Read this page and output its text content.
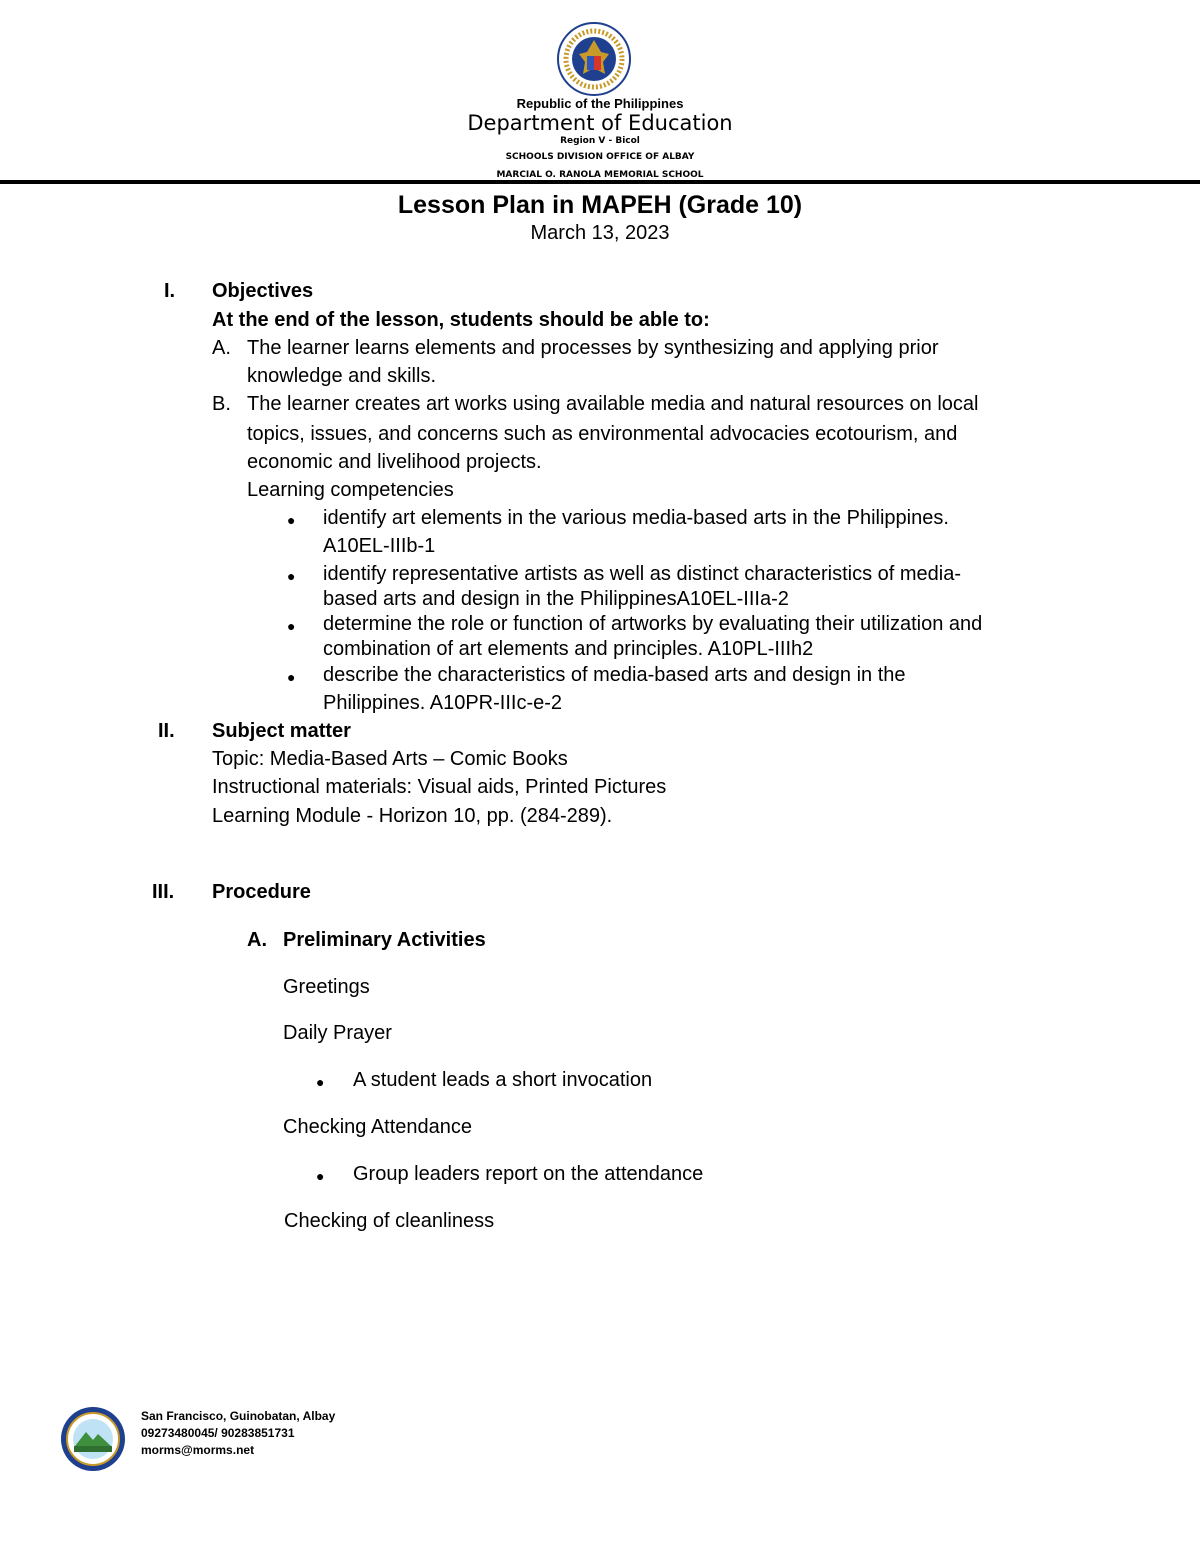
Republic of the Philippines
Department of Education
Region V - Bicol
SCHOOLS DIVISION OFFICE OF ALBAY
MARCIAL O. RAÑOLA MEMORIAL SCHOOL
Lesson Plan in MAPEH (Grade 10)
March 13, 2023
I. Objectives
At the end of the lesson, students should be able to:
A. The learner learns elements and processes by synthesizing and applying prior
knowledge and skills.
B. The learner creates art works using available media and natural resources on local
topics, issues, and concerns such as environmental advocacies ecotourism, and
economic and livelihood projects.
Learning competencies
● identify art elements in the various media-based arts in the Philippines.
A10EL-IIIb-1
● identify representative artists as well as distinct characteristics of media-
based arts and design in the PhilippinesA10EL-IIIa-2
● determine the role or function of artworks by evaluating their utilization and
combination of art elements and principles. A10PL-IIIh2
● describe the characteristics of media-based arts and design in the
Philippines. A10PR-IIIc-e-2
II. Subject matter
Topic: Media-Based Arts – Comic Books
Instructional materials: Visual aids, Printed Pictures
Learning Module - Horizon 10, pp. (284-289).
III. Procedure
A. Preliminary Activities
Greetings
Daily Prayer
● A student leads a short invocation
Checking Attendance
● Group leaders report on the attendance
Checking of cleanliness
San Francisco, Guinobatan, Albay
09273480045/ 90283851731
morms@morms.net
